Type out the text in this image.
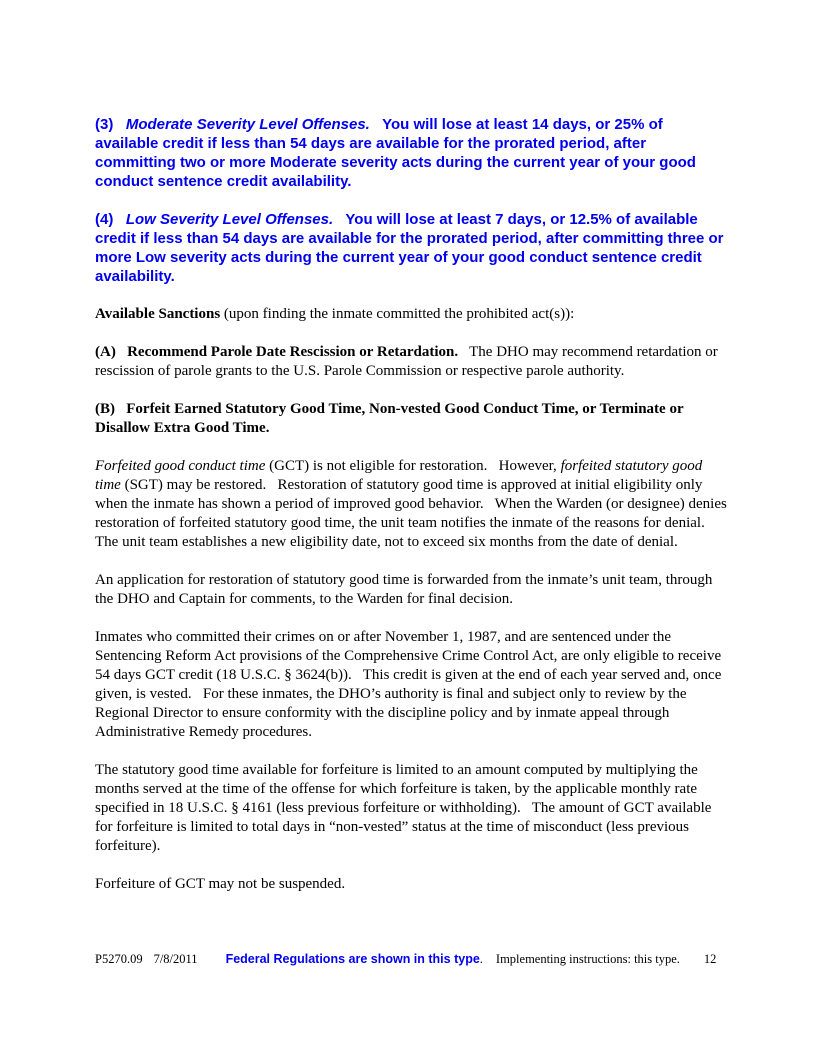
(3)   Moderate Severity Level Offenses.   You will lose at least 14 days, or 25% of available credit if less than 54 days are available for the prorated period, after committing two or more Moderate severity acts during the current year of your good conduct sentence credit availability.

(4)   Low Severity Level Offenses.   You will lose at least 7 days, or 12.5% of available credit if less than 54 days are available for the prorated period, after committing three or more Low severity acts during the current year of your good conduct sentence credit availability.

Available Sanctions (upon finding the inmate committed the prohibited act(s)):

(A)   Recommend Parole Date Rescission or Retardation.   The DHO may recommend retardation or rescission of parole grants to the U.S. Parole Commission or respective parole authority.

(B)   Forfeit Earned Statutory Good Time, Non-vested Good Conduct Time, or Terminate or Disallow Extra Good Time.

Forfeited good conduct time (GCT) is not eligible for restoration.   However, forfeited statutory good time (SGT) may be restored.   Restoration of statutory good time is approved at initial eligibility only when the inmate has shown a period of improved good behavior.   When the Warden (or designee) denies restoration of forfeited statutory good time, the unit team notifies the inmate of the reasons for denial.   The unit team establishes a new eligibility date, not to exceed six months from the date of denial.

An application for restoration of statutory good time is forwarded from the inmate’s unit team, through the DHO and Captain for comments, to the Warden for final decision.

Inmates who committed their crimes on or after November 1, 1987, and are sentenced under the Sentencing Reform Act provisions of the Comprehensive Crime Control Act, are only eligible to receive 54 days GCT credit (18 U.S.C. § 3624(b)).   This credit is given at the end of each year served and, once given, is vested.   For these inmates, the DHO’s authority is final and subject only to review by the Regional Director to ensure conformity with the discipline policy and by inmate appeal through Administrative Remedy procedures.

The statutory good time available for forfeiture is limited to an amount computed by multiplying the months served at the time of the offense for which forfeiture is taken, by the applicable monthly rate specified in 18 U.S.C. § 4161 (less previous forfeiture or withholding).   The amount of GCT available for forfeiture is limited to total days in “non-vested” status at the time of misconduct (less previous forfeiture).

Forfeiture of GCT may not be suspended.

P5270.09 7/8/2011 Federal Regulations are shown in this type. Implementing instructions: this type. 12
